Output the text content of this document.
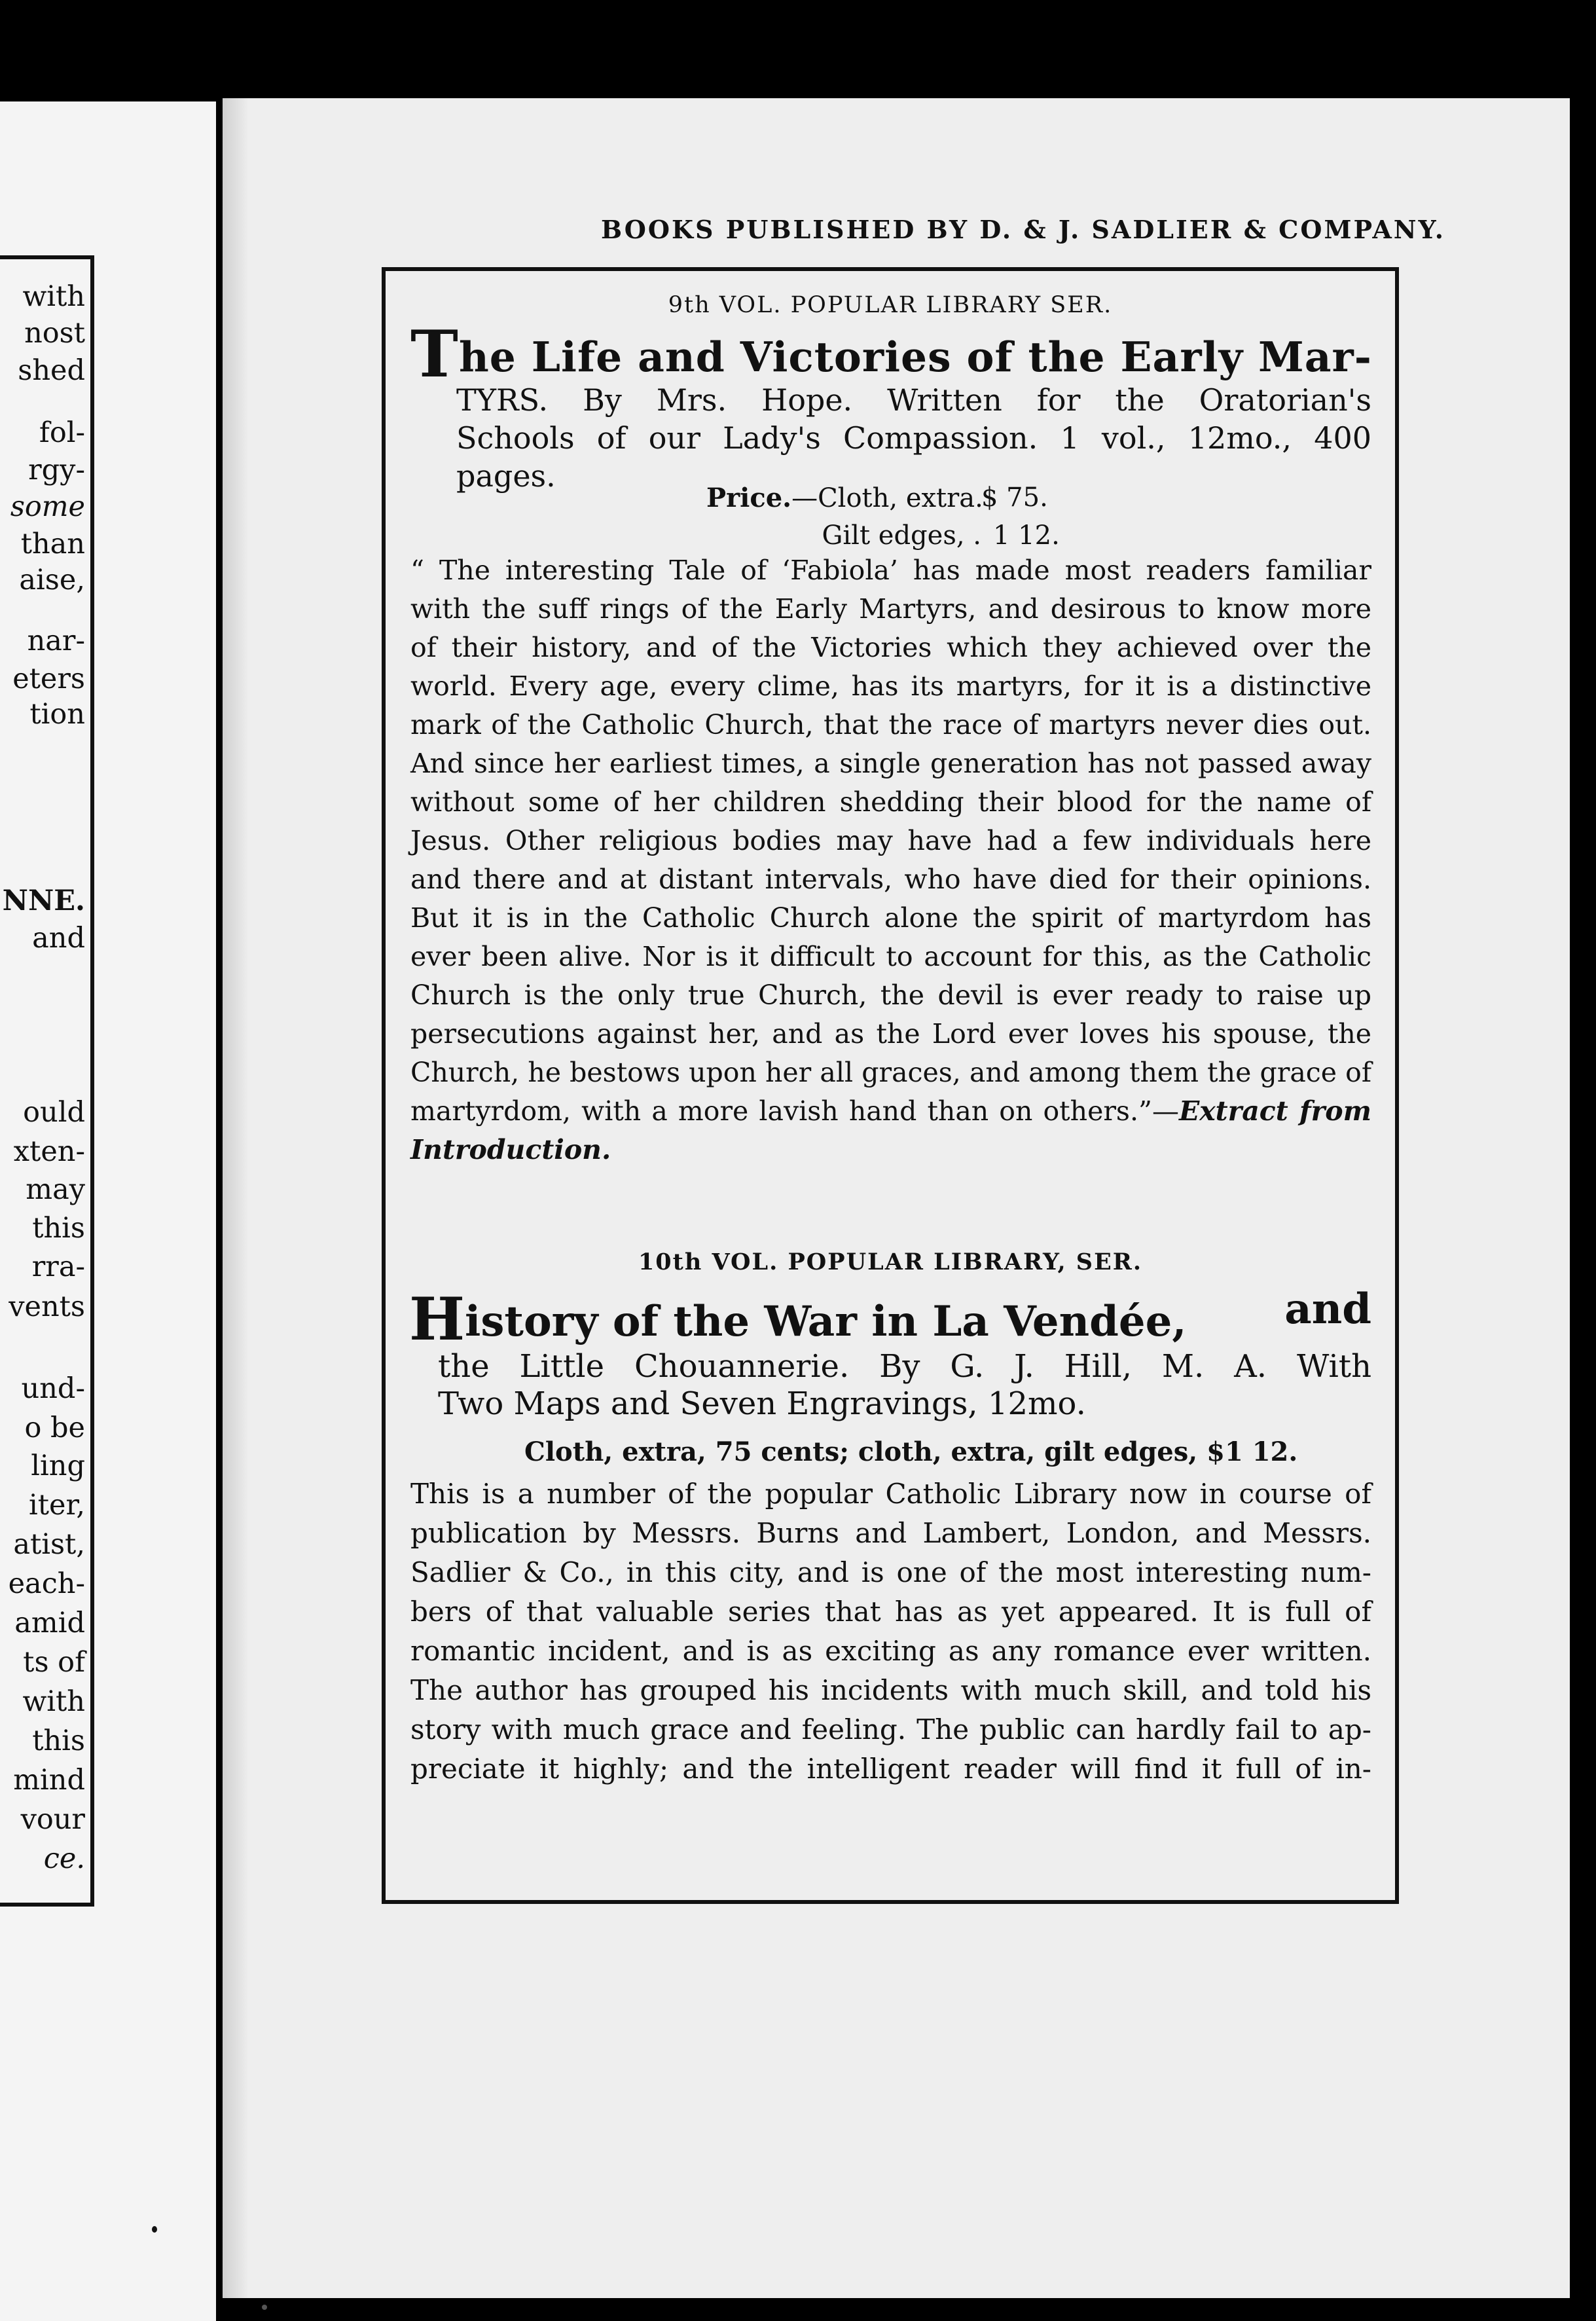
with
nost
shed
fol-
rgy-
some
than
aise,
nar-
eters
tion
NNE.
and
ould
xten-
may
this
rra-
vents
und-
o be
ling
iter,
atist,
each-
amid
ts of
with
this
mind
vour
ce.
BOOKS PUBLISHED BY D. & J. SADLIER & COMPANY.
9th VOL. POPULAR LIBRARY SER.
The Life and Victories of the Early Mar-
TYRS. By Mrs. Hope. Written for the Oratorian's
Schools of our Lady's Compassion. 1 vol., 12mo., 400
pages.
Price.—Cloth, extra.
$ 75.
Gilt edges, . 1 12.
“ The interesting Tale of ‘Fabiola’ has made most readers familiar
with the suff rings of the Early Martyrs, and desirous to know more
of their history, and of the Victories which they achieved over the
world. Every age, every clime, has its martyrs, for it is a distinctive
mark of the Catholic Church, that the race of martyrs never dies out.
And since her earliest times, a single generation has not passed away
without some of her children shedding their blood for the name of
Jesus. Other religious bodies may have had a few individuals here
and there and at distant intervals, who have died for their opinions.
But it is in the Catholic Church alone the spirit of martyrdom has
ever been alive. Nor is it difficult to account for this, as the Catholic
Church is the only true Church, the devil is ever ready to raise up
persecutions against her, and as the Lord ever loves his spouse, the
Church, he bestows upon her all graces, and among them the grace of
martyrdom, with a more lavish hand than on others.”—Extract from
Introduction.
10th VOL. POPULAR LIBRARY, SER.
History of the War in La Vendée, and
the Little Chouannerie. By G. J. Hill, M. A. With
Two Maps and Seven Engravings, 12mo.
Cloth, extra, 75 cents; cloth, extra, gilt edges, $1 12.
This is a number of the popular Catholic Library now in course of
publication by Messrs. Burns and Lambert, London, and Messrs.
Sadlier & Co., in this city, and is one of the most interesting num-
bers of that valuable series that has as yet appeared. It is full of
romantic incident, and is as exciting as any romance ever written.
The author has grouped his incidents with much skill, and told his
story with much grace and feeling. The public can hardly fail to ap-
preciate it highly; and the intelligent reader will find it full of in-
